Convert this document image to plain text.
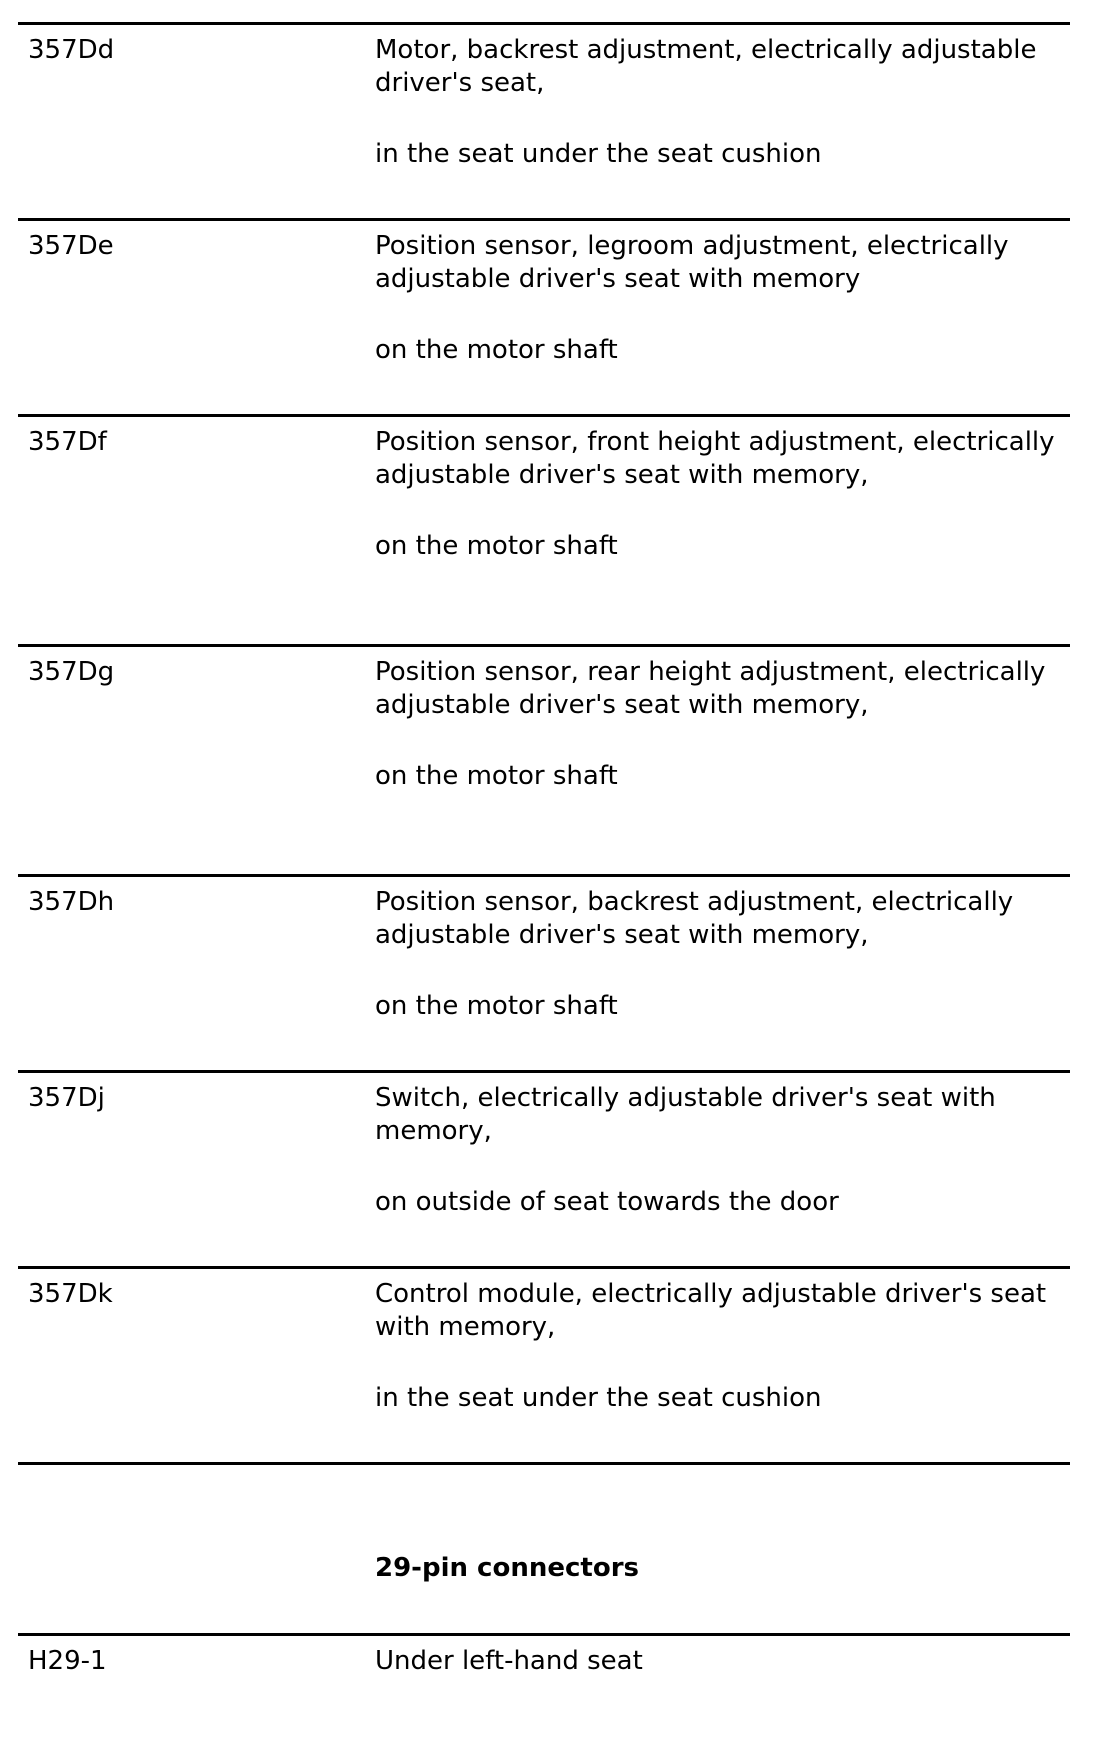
357Dd	Motor, backrest adjustment, electrically adjustable driver's seat,
in the seat under the seat cushion
357De	Position sensor, legroom adjustment, electrically adjustable driver's seat with memory
on the motor shaft
357Df	Position sensor, front height adjustment, electrically adjustable driver's seat with memory,
on the motor shaft
357Dg	Position sensor, rear height adjustment, electrically adjustable driver's seat with memory,
on the motor shaft
357Dh	Position sensor, backrest adjustment, electrically adjustable driver's seat with memory,
on the motor shaft
357Dj	Switch, electrically adjustable driver's seat with memory,
on outside of seat towards the door
357Dk	Control module, electrically adjustable driver's seat with memory,
in the seat under the seat cushion
29-pin connectors
H29-1	Under left-hand seat
